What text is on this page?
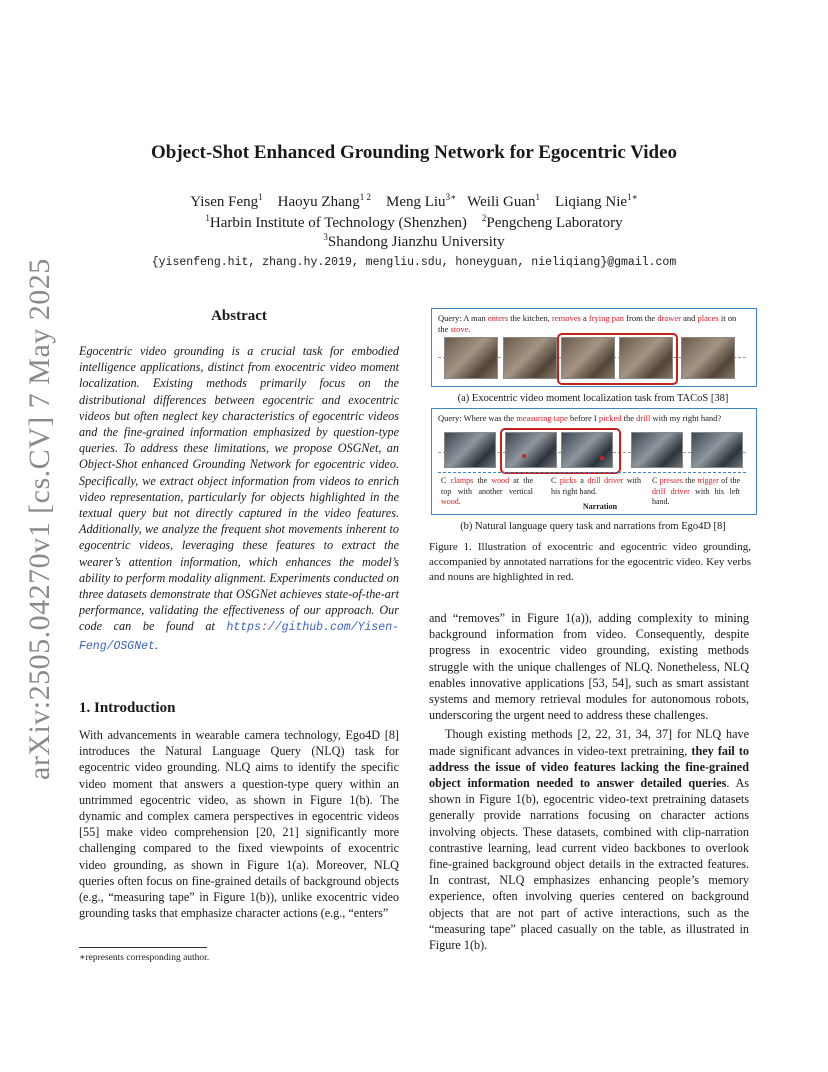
arXiv:2505.04270v1 [cs.CV] 7 May 2025
Object-Shot Enhanced Grounding Network for Egocentric Video
Yisen Feng$^1$ Haoyu Zhang$^{1 2}$ Meng Liu$^{3∗}$ Weili Guan$^1$ Liqiang Nie$^{1∗}$
$^1$Harbin Institute of Technology (Shenzhen) $^2$Pengcheng Laboratory
$^3$Shandong Jianzhu University
{yisenfeng.hit, zhang.hy.2019, mengliu.sdu, honeyguan, nieliqiang}@gmail.com
Abstract
Egocentric video grounding is a crucial task for embodied intelligence applications, distinct from exocentric video moment localization. Existing methods primarily focus on the distributional differences between egocentric and exocentric videos but often neglect key characteristics of egocentric videos and the fine-grained information emphasized by question-type queries. To address these limitations, we propose OSGNet, an Object-Shot enhanced Grounding Network for egocentric video. Specifically, we extract object information from videos to enrich video representation, particularly for objects highlighted in the textual query but not directly captured in the video features. Additionally, we analyze the frequent shot movements inherent to egocentric videos, leveraging these features to extract the wearer’s attention information, which enhances the model’s ability to perform modality alignment. Experiments conducted on three datasets demonstrate that OSGNet achieves state-of-the-art performance, validating the effectiveness of our approach. Our code can be found at https://github.com/Yisen-Feng/OSGNet.
1. Introduction
With advancements in wearable camera technology, Ego4D [8] introduces the Natural Language Query (NLQ) task for egocentric video grounding. NLQ aims to identify the specific video moment that answers a question-type query within an untrimmed egocentric video, as shown in Figure 1(b). The dynamic and complex camera perspectives in egocentric videos [55] make video comprehension [20, 21] significantly more challenging compared to the fixed viewpoints of exocentric video grounding, as shown in Figure 1(a). Moreover, NLQ queries often focus on fine-grained details of background objects (e.g., “measuring tape” in Figure 1(b)), unlike exocentric video grounding tasks that emphasize character actions (e.g., “enters”
∗represents corresponding author.
Query: A man enters the kitchen, removes a frying pan from the drawer and places it on the stove.
(a) Exocentric video moment localization task from TACoS [38]
Query: Where was the measuring tape before I picked the drill with my right hand?
C clamps the wood at the top with another vertical wood.
C picks a drill driver with his right hand.
C presses the trigger of the drill driver with his left hand.
Narration
(b) Natural language query task and narrations from Ego4D [8]
Figure 1. Illustration of exocentric and egocentric video grounding, accompanied by annotated narrations for the egocentric video. Key verbs and nouns are highlighted in red.
and “removes” in Figure 1(a)), adding complexity to mining background information from video. Consequently, despite progress in exocentric video grounding, existing methods struggle with the unique challenges of NLQ. Nonetheless, NLQ enables innovative applications [53, 54], such as smart assistant systems and memory retrieval modules for autonomous robots, underscoring the urgent need to address these challenges.
Though existing methods [2, 22, 31, 34, 37] for NLQ have made significant advances in video-text pretraining, they fail to address the issue of video features lacking the fine-grained object information needed to answer detailed queries. As shown in Figure 1(b), egocentric video-text pretraining datasets generally provide narrations focusing on character actions involving objects. These datasets, combined with clip-narration contrastive learning, lead current video backbones to overlook fine-grained background object details in the extracted features. In contrast, NLQ emphasizes enhancing people’s memory experience, often involving queries centered on background objects that are not part of active interactions, such as the “measuring tape” placed casually on the table, as illustrated in Figure 1(b).
